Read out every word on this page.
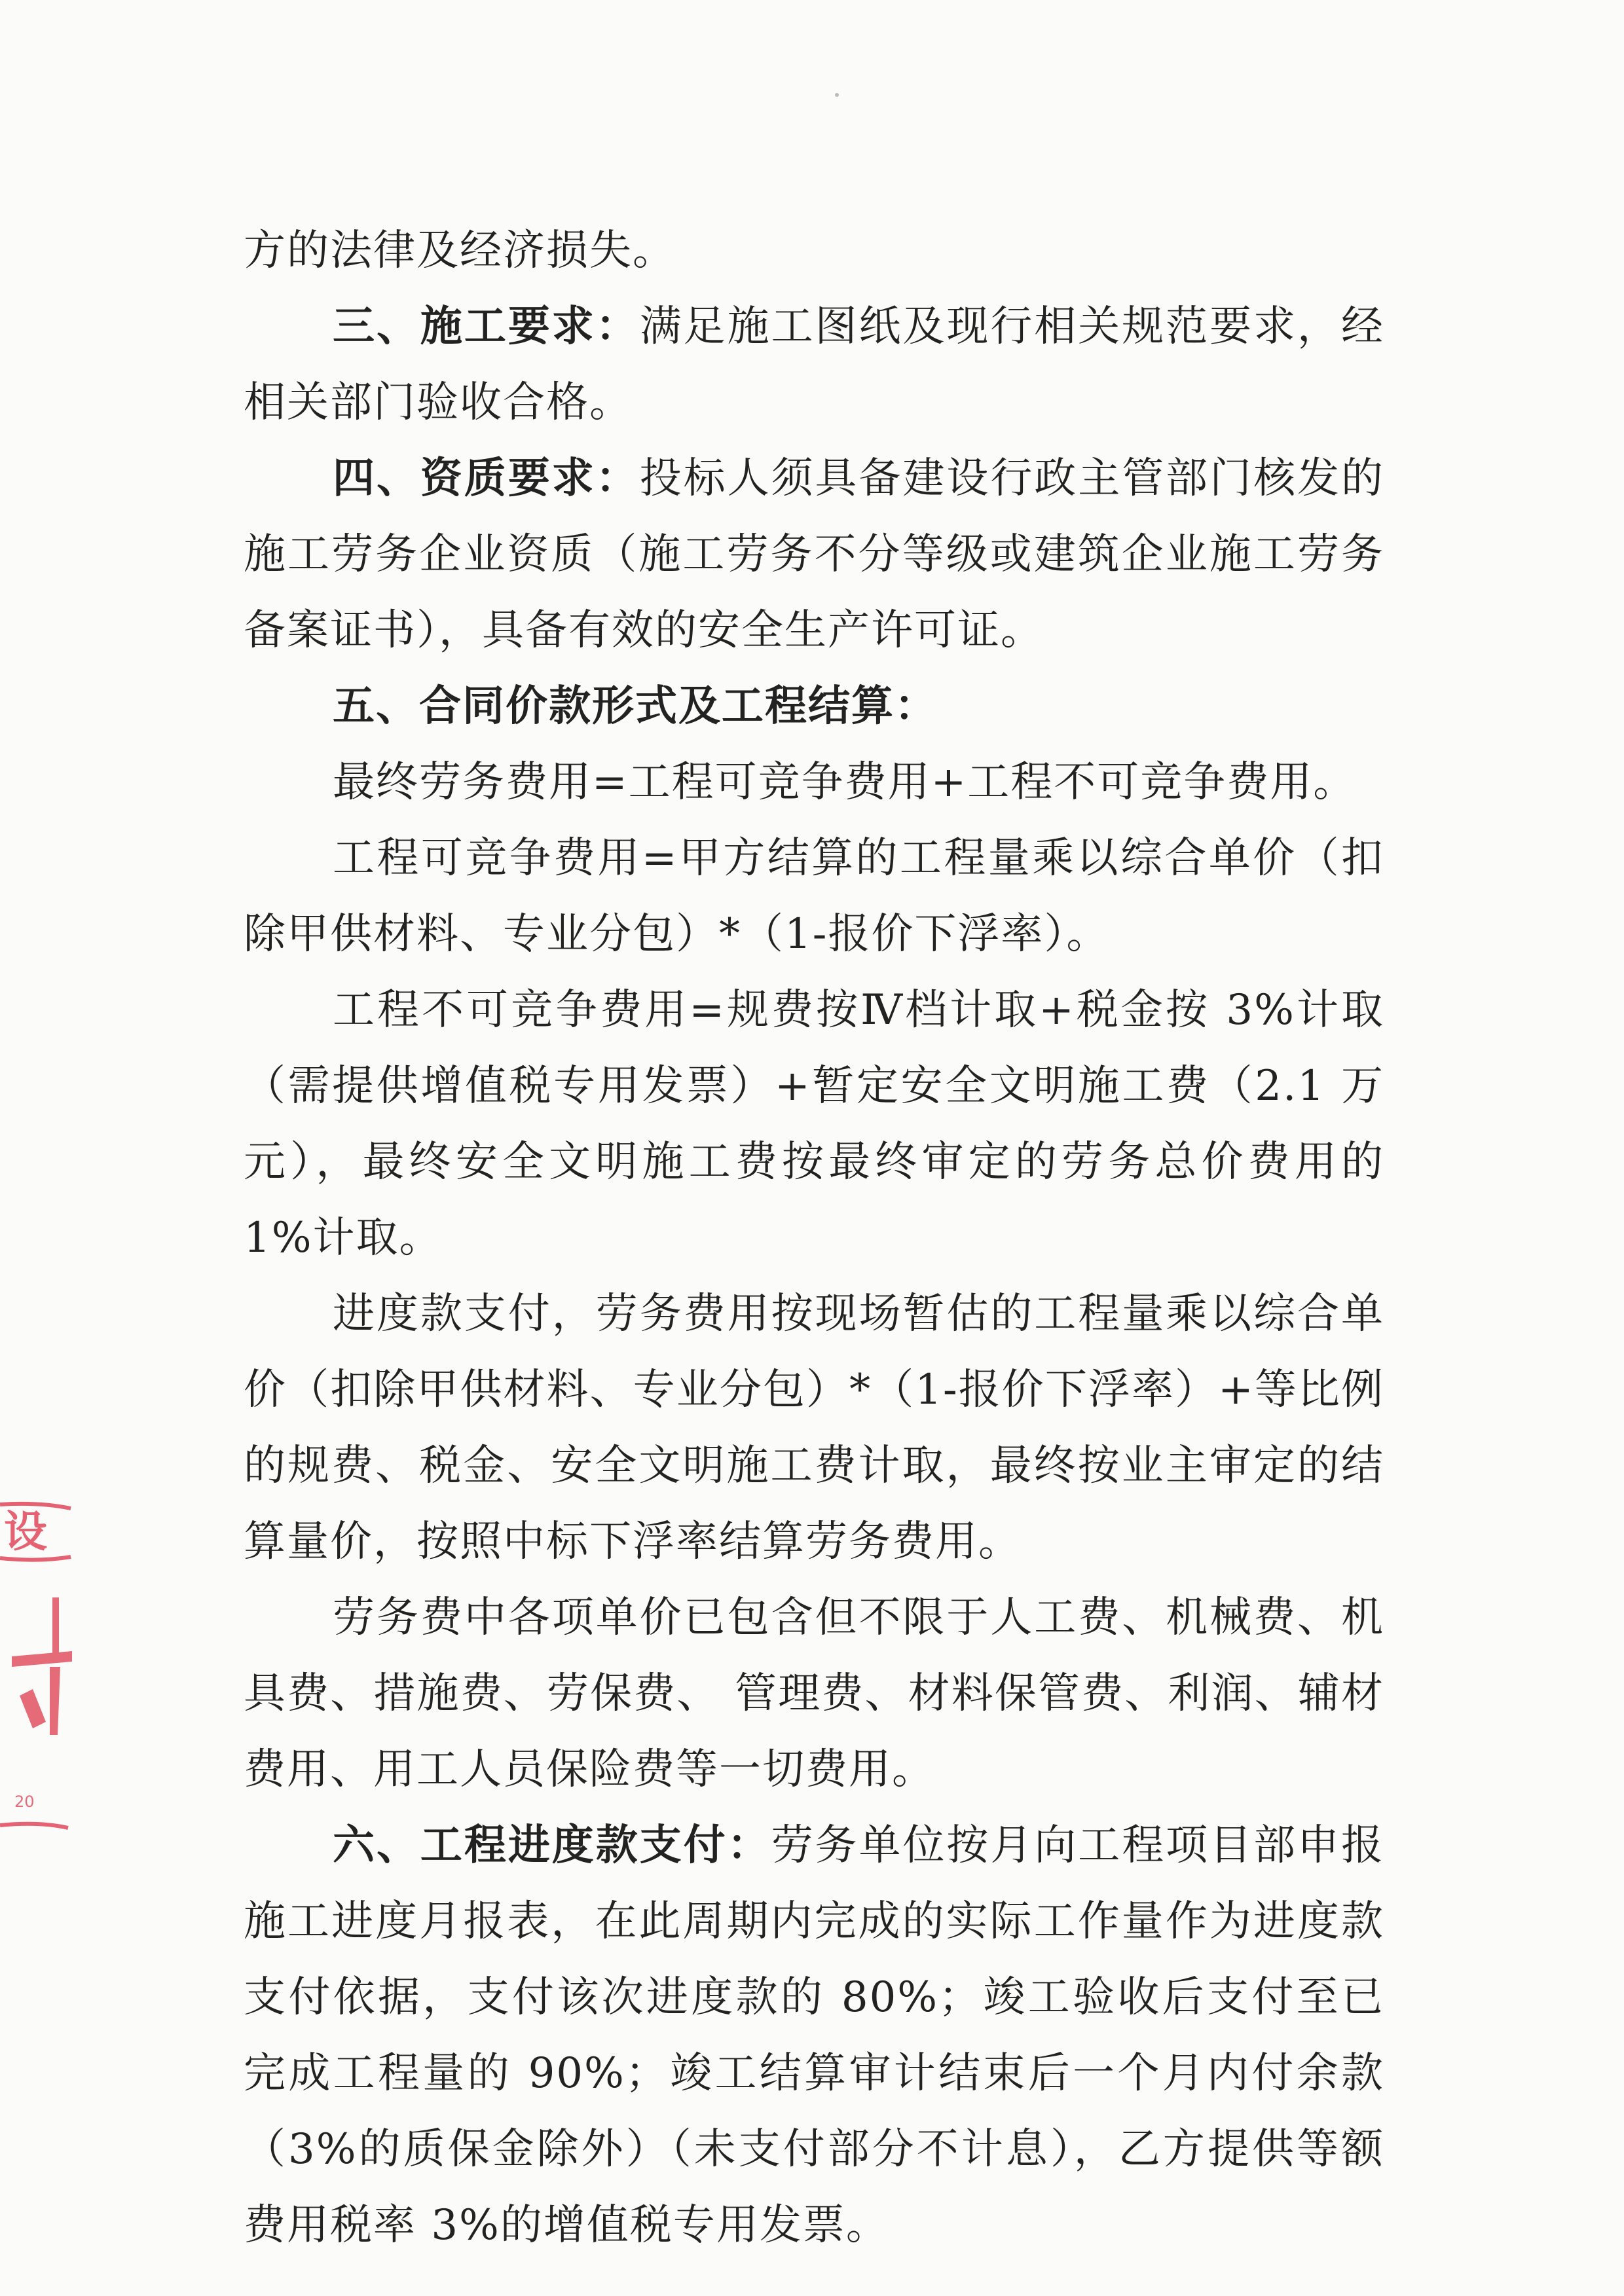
方的法律及经济损失。

三、施工要求：满足施工图纸及现行相关规范要求，经相关部门验收合格。

四、资质要求：投标人须具备建设行政主管部门核发的施工劳务企业资质（施工劳务不分等级或建筑企业施工劳务备案证书），具备有效的安全生产许可证。

五、合同价款形式及工程结算：

最终劳务费用=工程可竞争费用+工程不可竞争费用。

工程可竞争费用=甲方结算的工程量乘以综合单价（扣除甲供材料、专业分包）*（1-报价下浮率）。

工程不可竞争费用=规费按Ⅳ档计取+税金按 3%计取（需提供增值税专用发票）+暂定安全文明施工费（2.1 万元），最终安全文明施工费按最终审定的劳务总价费用的 1%计取。

进度款支付，劳务费用按现场暂估的工程量乘以综合单价（扣除甲供材料、专业分包）*（1-报价下浮率）+等比例的规费、税金、安全文明施工费计取，最终按业主审定的结算量价，按照中标下浮率结算劳务费用。

劳务费中各项单价已包含但不限于人工费、机械费、机具费、措施费、劳保费、 管理费、材料保管费、利润、辅材费用、用工人员保险费等一切费用。

六、工程进度款支付：劳务单位按月向工程项目部申报施工进度月报表，在此周期内完成的实际工作量作为进度款支付依据，支付该次进度款的 80%；竣工验收后支付至已完成工程量的 90%；竣工结算审计结束后一个月内付余款（3%的质保金除外）（未支付部分不计息），乙方提供等额费用税率 3%的增值税专用发票。

设
20
